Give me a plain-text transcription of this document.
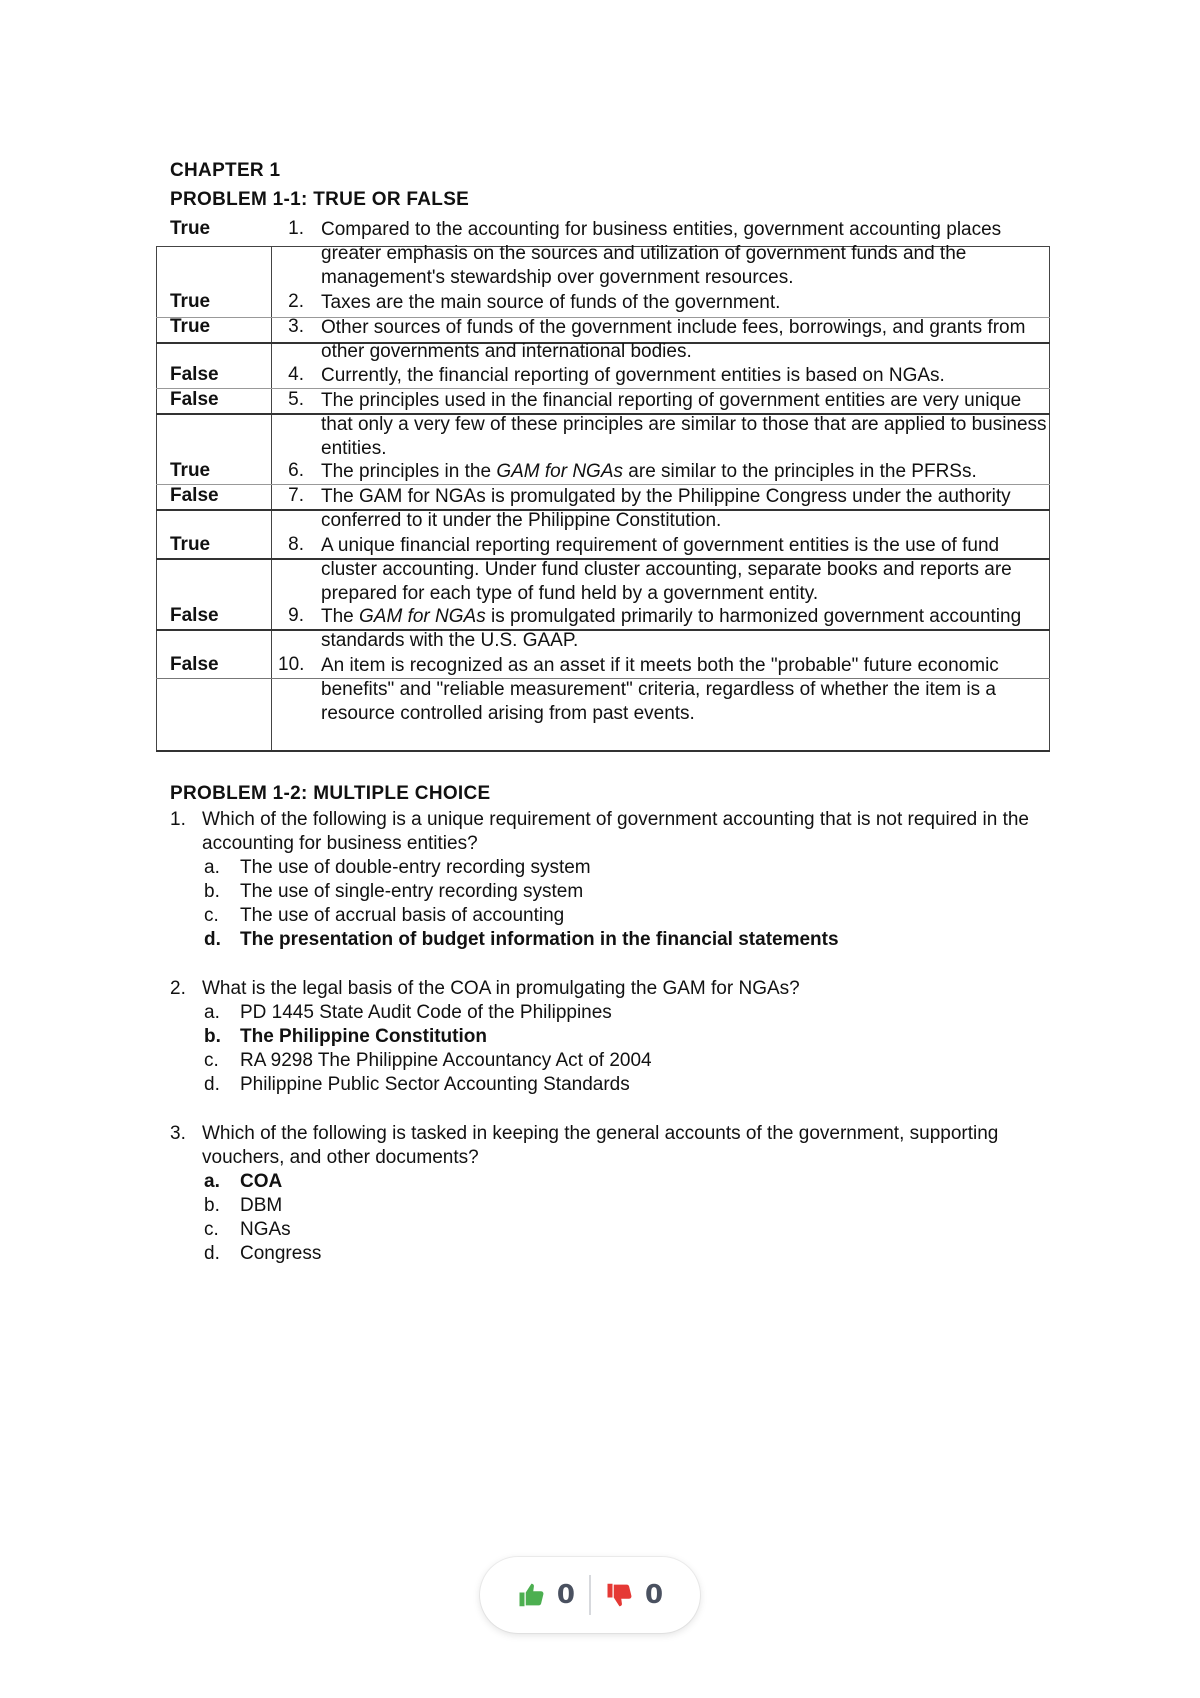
CHAPTER 1
PROBLEM 1-1: TRUE OR FALSE
True	1. Compared to the accounting for business entities, government accounting places greater emphasis on the sources and utilization of government funds and the management's stewardship over government resources.
True	2. Taxes are the main source of funds of the government.
True	3. Other sources of funds of the government include fees, borrowings, and grants from other governments and international bodies.
False	4. Currently, the financial reporting of government entities is based on NGAs.
False	5. The principles used in the financial reporting of government entities are very unique that only a very few of these principles are similar to those that are applied to business entities.
True	6. The principles in the GAM for NGAs are similar to the principles in the PFRSs.
False	7. The GAM for NGAs is promulgated by the Philippine Congress under the authority conferred to it under the Philippine Constitution.
True	8. A unique financial reporting requirement of government entities is the use of fund cluster accounting. Under fund cluster accounting, separate books and reports are prepared for each type of fund held by a government entity.
False	9. The GAM for NGAs is promulgated primarily to harmonized government accounting standards with the U.S. GAAP.
False	10. An item is recognized as an asset if it meets both the "probable" future economic benefits" and "reliable measurement" criteria, regardless of whether the item is a resource controlled arising from past events.
PROBLEM 1-2: MULTIPLE CHOICE
1. Which of the following is a unique requirement of government accounting that is not required in the accounting for business entities?
a.	The use of double-entry recording system
b.	The use of single-entry recording system
c.	The use of accrual basis of accounting
d.	The presentation of budget information in the financial statements
2. What is the legal basis of the COA in promulgating the GAM for NGAs?
a.	PD 1445 State Audit Code of the Philippines
b.	The Philippine Constitution
c.	RA 9298 The Philippine Accountancy Act of 2004
d.	Philippine Public Sector Accounting Standards
3. Which of the following is tasked in keeping the general accounts of the government, supporting vouchers, and other documents?
a.	COA
b.	DBM
c.	NGAs
d.	Congress
0	0
